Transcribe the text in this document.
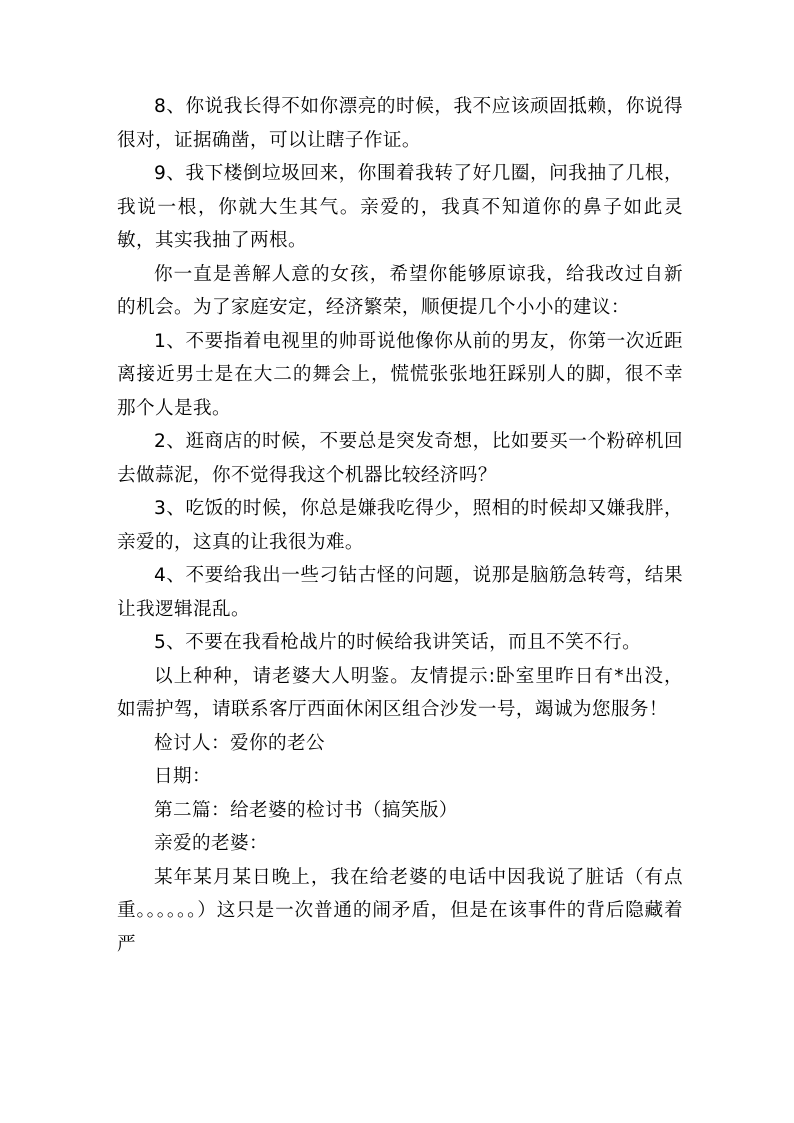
8、你说我长得不如你漂亮的时候，我不应该顽固抵赖，你说得很对，证据确凿，可以让瞎子作证。

9、我下楼倒垃圾回来，你围着我转了好几圈，问我抽了几根，我说一根，你就大生其气。亲爱的，我真不知道你的鼻子如此灵敏，其实我抽了两根。

你一直是善解人意的女孩，希望你能够原谅我，给我改过自新的机会。为了家庭安定，经济繁荣，顺便提几个小小的建议：

1、不要指着电视里的帅哥说他像你从前的男友，你第一次近距离接近男士是在大二的舞会上，慌慌张张地狂踩别人的脚，很不幸那个人是我。

2、逛商店的时候，不要总是突发奇想，比如要买一个粉碎机回去做蒜泥，你不觉得我这个机器比较经济吗？

3、吃饭的时候，你总是嫌我吃得少，照相的时候却又嫌我胖，亲爱的，这真的让我很为难。

4、不要给我出一些刁钻古怪的问题，说那是脑筋急转弯，结果让我逻辑混乱。

5、不要在我看枪战片的时候给我讲笑话，而且不笑不行。

以上种种，请老婆大人明鉴。友情提示:卧室里昨日有*出没，如需护驾，请联系客厅西面休闲区组合沙发一号，竭诚为您服务！

检讨人：爱你的老公

日期：

第二篇：给老婆的检讨书（搞笑版）

亲爱的老婆：

某年某月某日晚上，我在给老婆的电话中因我说了脏话（有点重。。。。。。）这只是一次普通的闹矛盾，但是在该事件的背后隐藏着严
